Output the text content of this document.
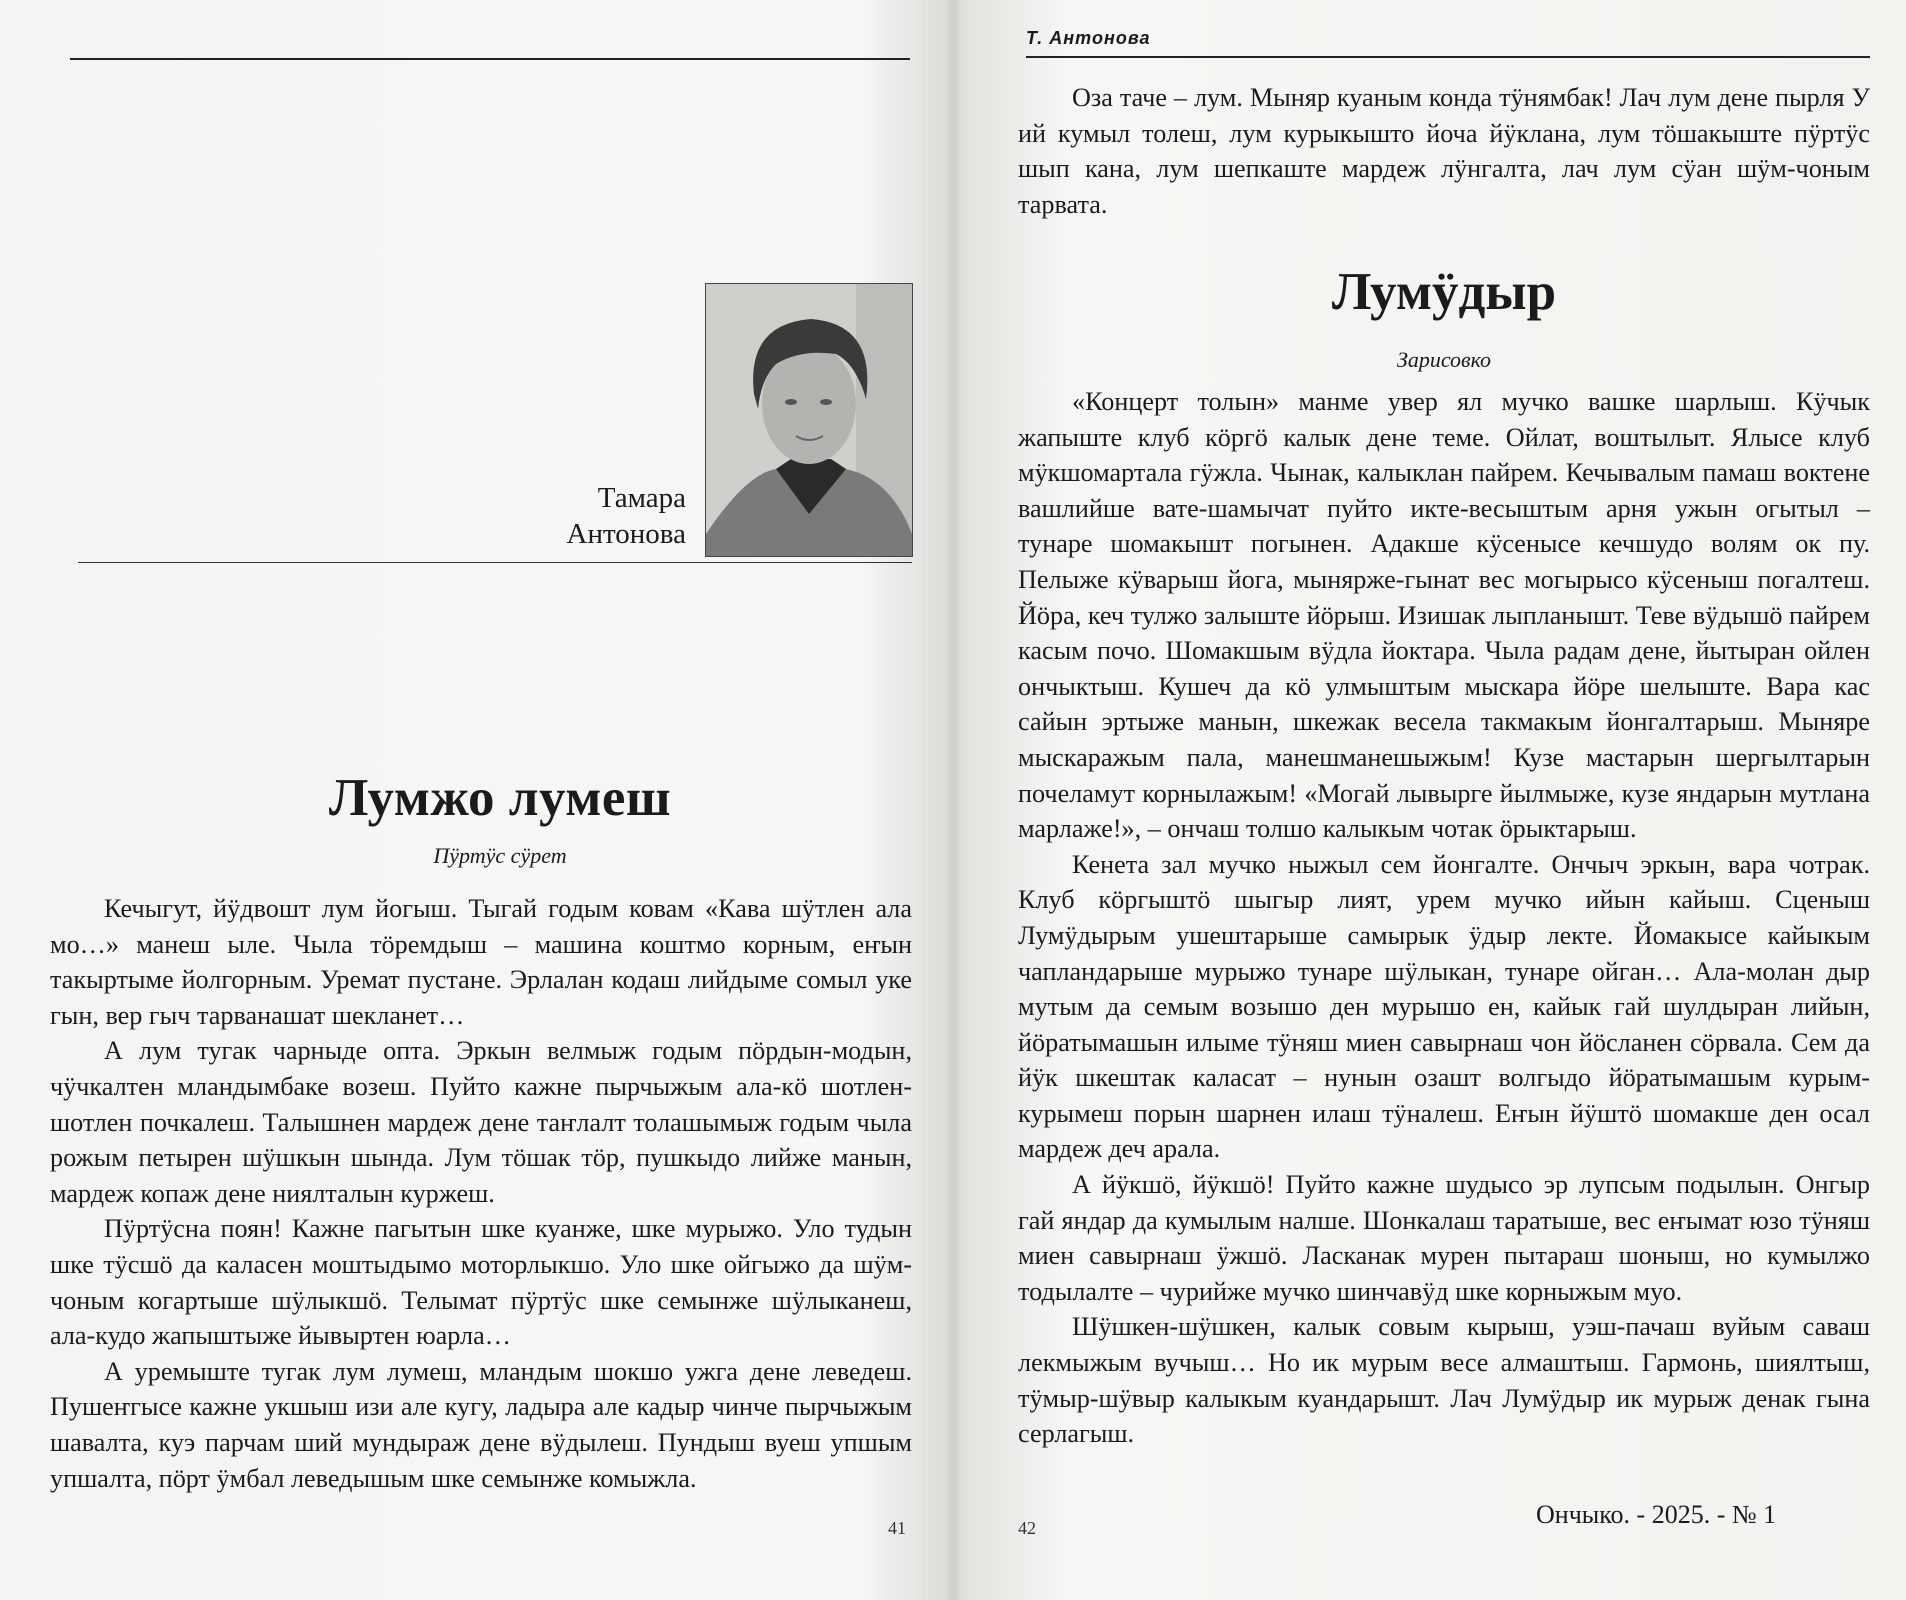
Тамара
Антонова
Лумжо лумеш
Пӱртӱс сӱрет

Кечыгут, йӱдвошт лум йогыш. Тыгай годым ковам «Кава шӱтлен ала мо…» манеш ыле. Чыла тӧремдыш – машина коштмо корным, еҥын такыртыме йолгорным. Уремат пустане. Эрлалан кодаш лийдыме сомыл уке гын, вер гыч тарванашат шекланет…

А лум тугак чарныде опта. Эркын велмыж годым пӧрдын-модын, чӱчкалтен мландымбаке возеш. Пуйто кажне пырчыжым ала-кӧ шотлен-шотлен почкалеш. Талышнен мардеж дене таҥлалт толашымыж годым чыла рожым петырен шӱшкын шында. Лум тӧшак тӧр, пушкыдо лийже манын, мардеж копаж дене ниялталын куржеш.

Пӱртӱсна поян! Кажне пагытын шке куанже, шке мурыжо. Уло тудын шке тӱсшӧ да каласен моштыдымо моторлыкшо. Уло шке ойгыжо да шӱм-чоным когартыше шӱлыкшӧ. Телымат пӱртӱс шке семынже шӱлыканеш, ала-кудо жапыштыже йывыртен юарла…

А уремыште тугак лум лумеш, мландым шокшо ужга дене леведеш. Пушеҥгысе кажне укшыш изи але кугу, ладыра але кадыр чинче пырчыжым шавалта, куэ парчам ший мундыраж дене вӱдылеш. Пундыш вуеш упшым упшалта, пӧрт ӱмбал леведышым шке семынже комыжла.

41
Т. Антонова

Оза таче – лум. Мыняр куаным конда тӱнямбак! Лач лум дене пырля У ий кумыл толеш, лум курыкышто йоча йӱклана, лум тӧшакыште пӱртӱс шып кана, лум шепкаште мардеж лӱнгалта, лач лум сӱан шӱм-чоным тарвата.

Лумӱдыр
Зарисовко

«Концерт толын» манме увер ял мучко вашке шарлыш. Кӱчык жапыште клуб кӧргӧ калык дене теме. Ойлат, воштылыт. Ялысе клуб мӱкшомартала гӱжла. Чынак, калыклан пайрем. Кечывалым памаш воктене вашлийше вате-шамычат пуйто икте-весыштым арня ужын огытыл – тунаре шомакышт погынен. Адакше кӱсенысе кечшудо волям ок пу. Пелыже кӱварыш йога, мынярже-гынат вес могырысо кӱсеныш погалтеш. Йӧра, кеч тулжо залыште йӧрыш. Изишак лыпланышт. Теве вӱдышӧ пайрем касым почо. Шомакшым вӱдла йоктара. Чыла радам дене, йытыран ойлен ончыктыш. Кушеч да кӧ улмыштым мыскара йӧре шелыште. Вара кас сайын эртыже манын, шкежак весела такмакым йонгалтарыш. Мыняре мыскаражым пала, манешманешыжым! Кузе мастарын шергылтарын почеламут корнылажым! «Могай лывырге йылмыже, кузе яндарын мутлана марлаже!», – ончаш толшо калыкым чотак ӧрыктарыш.

Кенета зал мучко ныжыл сем йонгалте. Ончыч эркын, вара чотрак. Клуб кӧргыштӧ шыгыр лият, урем мучко ийын кайыш. Сценыш Лумӱдырым ушештарыше самырык ӱдыр лекте. Йомакысе кайыкым чапландарыше мурыжо тунаре шӱлыкан, тунаре ойган… Ала-молан дыр мутым да семым возышо ден мурышо ен, кайык гай шулдыран лийын, йӧратымашын илыме тӱняш миен савырнаш чон йӧсланен сӧрвала. Сем да йӱк шкештак каласат – нунын озашт волгыдо йӧратымашым курым-курымеш порын шарнен илаш тӱналеш. Еҥын йӱштӧ шомакше ден осал мардеж деч арала.

А йӱкшӧ, йӱкшӧ! Пуйто кажне шудысо эр лупсым подылын. Онгыр гай яндар да кумылым налше. Шонкалаш таратыше, вес еҥымат юзо тӱняш миен савырнаш ӱжшӧ. Ласканак мурен пытараш шоныш, но кумылжо тодылалте – чурийже мучко шинчавӱд шке корныжым муо.

Шӱшкен-шӱшкен, калык совым кырыш, уэш-пачаш вуйым саваш лекмыжым вучыш… Но ик мурым весе алмаштыш. Гармонь, шиялтыш, тӱмыр-шӱвыр калыкым куандарышт. Лач Лумӱдыр ик мурыж денак гына серлагыш.

42	Ончыко. - 2025. - № 1
